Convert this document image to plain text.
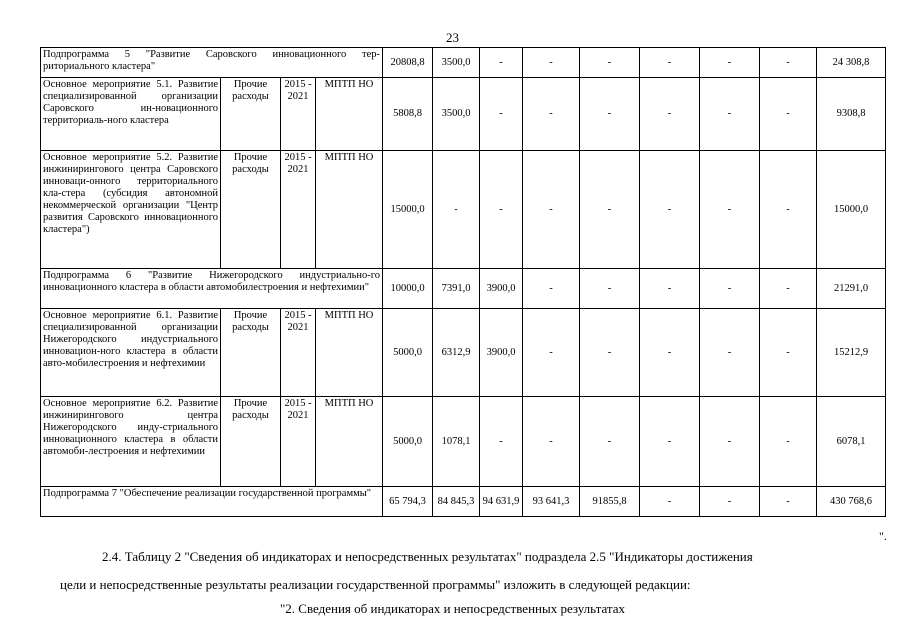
23
Подпрограмма 5 "Развитие Саровского инновационного тер-риториального кластера"				20808,8	3500,0	-	-	-	-	-	-	24 308,8
Основное мероприятие 5.1. Развитие специализированной организации Саровского ин-новационного территориаль-ного кластера	Прочие расходы	2015 - 2021	МПТП НО	5808,8	3500,0	-	-	-	-	-	-	9308,8
Основное мероприятие 5.2. Развитие инжинирингового центра Саровского инноваци-онного территориального кла-стера (субсидия автономной некоммерческой организации "Центр развития Саровского инновационного кластера")	Прочие расходы	2015 - 2021	МПТП НО	15000,0	-	-	-	-	-	-	-	15000,0
Подпрограмма 6 "Развитие Нижегородского индустриально-го инновационного кластера в области автомобилестроения и нефтехимии"				10000,0	7391,0	3900,0	-	-	-	-	-	21291,0
Основное мероприятие 6.1. Развитие специализированной организации Нижегородского индустриального инновацион-ного кластера в области авто-мобилестроения и нефтехимии	Прочие расходы	2015 - 2021	МПТП НО	5000,0	6312,9	3900,0	-	-	-	-	-	15212,9
Основное мероприятие 6.2. Развитие инжинирингового центра Нижегородского инду-стриального инновационного кластера в области автомоби-лестроения и нефтехимии	Прочие расходы	2015 - 2021	МПТП НО	5000,0	1078,1	-	-	-	-	-	-	6078,1
Подпрограмма 7 "Обеспечение реализации государственной программы"				65 794,3	84 845,3	94 631,9	93 641,3	91855,8	-	-	-	430 768,6
".
2.4. Таблицу 2 "Сведения об индикаторах и непосредственных результатах" подраздела 2.5 "Индикаторы достижения
цели и непосредственные результаты реализации государственной программы" изложить в следующей редакции:
"2. Сведения об индикаторах и непосредственных результатах
